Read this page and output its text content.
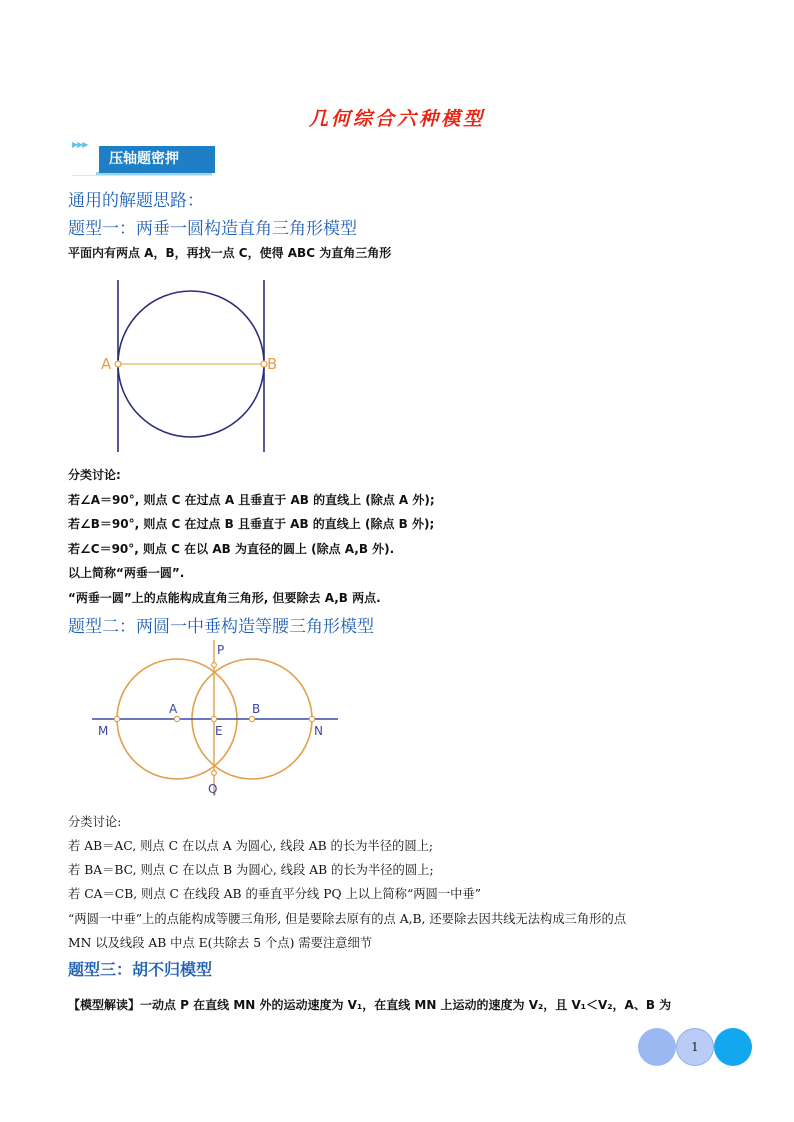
几何综合六种模型
▶▶▶
压轴题密押
通用的解题思路：
题型一：两垂一圆构造直角三角形模型
平面内有两点 A，B，再找一点 C，使得 ABC 为直角三角形
A	B
分类讨论:
若∠A＝90°, 则点 C 在过点 A 且垂直于 AB 的直线上 (除点 A 外);
若∠B＝90°, 则点 C 在过点 B 且垂直于 AB 的直线上 (除点 B 外);
若∠C＝90°, 则点 C 在以 AB 为直径的圆上 (除点 A,B 外).
以上简称“两垂一圆”.
“两垂一圆”上的点能构成直角三角形, 但要除去 A,B 两点.
题型二：两圆一中垂构造等腰三角形模型
P
A	B
M	E	N
Q
分类讨论:
若 AB＝AC, 则点 C 在以点 A 为圆心, 线段 AB 的长为半径的圆上;
若 BA＝BC, 则点 C 在以点 B 为圆心, 线段 AB 的长为半径的圆上;
若 CA＝CB, 则点 C 在线段 AB 的垂直平分线 PQ 上以上简称“两圆一中垂”
“两圆一中垂”上的点能构成等腰三角形, 但是要除去原有的点 A,B, 还要除去因共线无法构成三角形的点
MN 以及线段 AB 中点 E(共除去 5 个点) 需要注意细节
题型三：胡不归模型
【模型解读】一动点 P 在直线 MN 外的运动速度为 V₁，在直线 MN 上运动的速度为 V₂，且 V₁＜V₂，A、B 为
1
